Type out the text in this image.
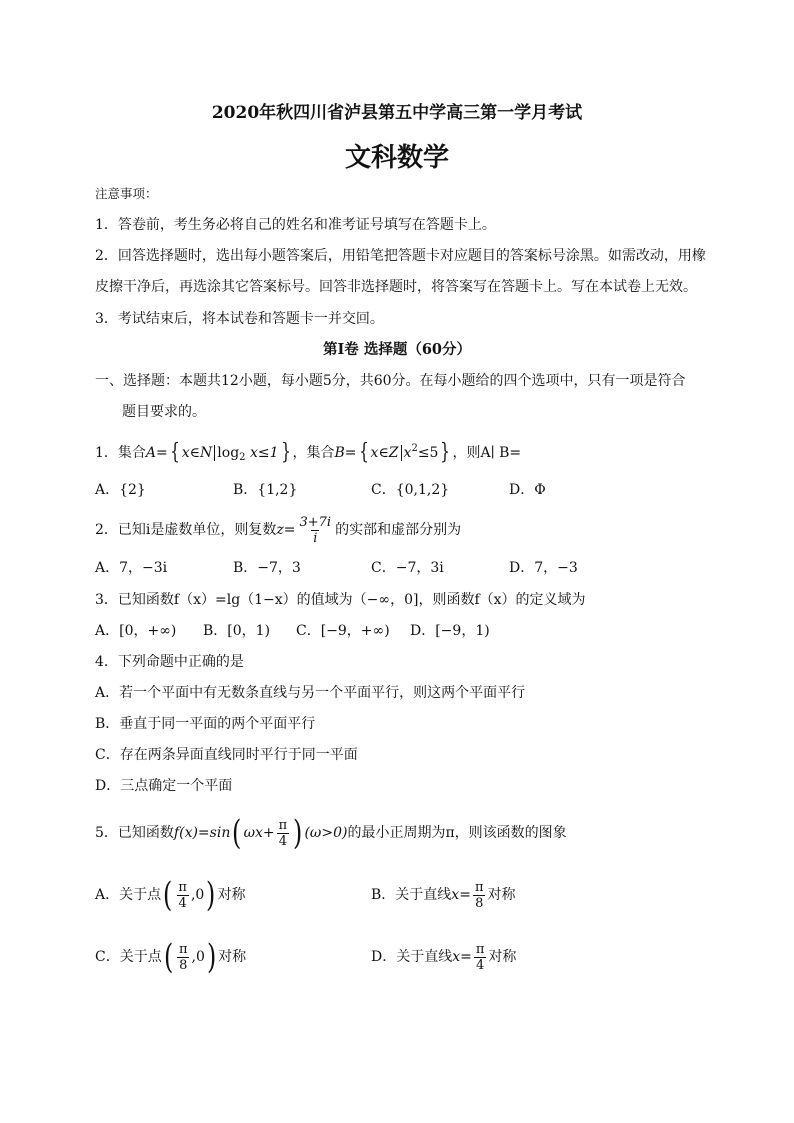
2020年秋四川省泸县第五中学高三第一学月考试
文科数学
注意事项：
1．答卷前，考生务必将自己的姓名和准考证号填写在答题卡上。
2．回答选择题时，选出每小题答案后，用铅笔把答题卡对应题目的答案标号涂黑。如需改动，用橡
皮擦干净后，再选涂其它答案标号。回答非选择题时，将答案写在答题卡上。写在本试卷上无效。
3．考试结束后，将本试卷和答题卡一并交回。
第Ⅰ卷 选择题（60分）
一、选择题：本题共12小题，每小题5分，共60分。在每小题给的四个选项中，只有一项是符合
题目要求的。
1．集合A={ x∈N $\log_2 x\le 1$} ，集合B={ x∈Z $x^2\le 5$} ，则A∣ B=
A．{2}	B．{1,2}	C．{0,1,2}	D．Φ
2．已知i是虚数单位，则复数$z= \frac{3+7i}{i}$ 的实部和虚部分别为
A．7，−3i	B．−7，3	C．−7，3i	D．7，−3
3．已知函数f（x）=lg（1−x）的值域为（−∞，0]，则函数f（x）的定义域为
A．[0，+∞) B．[0，1) C．[−9，+∞) D．[−9，1)
4．下列命题中正确的是
A．若一个平面中有无数条直线与另一个平面平行，则这两个平面平行
B．垂直于同一平面的两个平面平行
C．存在两条异面直线同时平行于同一平面
D．三点确定一个平面
5．已知函数f(x)=sin( $\omega x+ \frac{\pi}{4}$ ) (ω>0)的最小正周期为π，则该函数的图象
A．关于点( $\frac{\pi}{4} ,0$) 对称	B．关于直线$x= \frac{\pi}{8}$ 对称
C．关于点( $\frac{\pi}{8} ,0$) 对称	D．关于直线$x= \frac{\pi}{4}$ 对称
